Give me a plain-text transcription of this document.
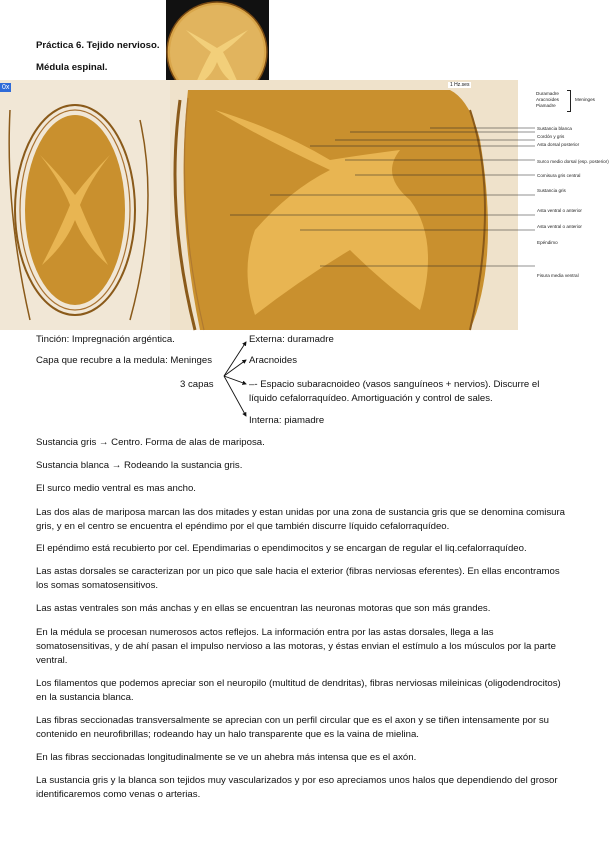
Práctica 6. Tejido nervioso.
Médula espinal.
0x	1 Hz.ses
Duramadre
Aracnoides
Piamadre
Meninges
Sustancia blanca
Cordón y gris
Asta dorsal posterior
Surco medio dorsal (esp. posterior)
Comisura gris central
Sustancia gris
Asta ventral o anterior
Asta ventral o anterior
Epéndimo
Fisura media ventral
Tinción: Impregnación argéntica.	Externa: duramadre
Capa que recubre a la medula: Meninges	Aracnoides
3 capas	–- Espacio subaracnoideo (vasos sanguíneos + nervios). Discurre el
líquido cefalorraquídeo. Amortiguación y control de sales.
Interna: piamadre
Sustancia gris → Centro. Forma de alas de mariposa.
Sustancia blanca → Rodeando la sustancia gris.
El surco medio ventral es mas ancho.
Las dos alas de mariposa marcan las dos mitades y estan unidas por una zona de sustancia gris que se denomina comisura gris, y en el centro se encuentra el epéndimo por el que también discurre líquido cefalorraquídeo.
El epéndimo está recubierto por cel. Ependimarias o ependimocitos y se encargan de regular el liq.cefalorraquídeo.
Las astas dorsales se caracterizan por un pico que sale hacia el exterior (fibras nerviosas eferentes). En ellas encontramos los somas somatosensitivos.
Las astas ventrales son más anchas y en ellas se encuentran las neuronas motoras que son más grandes.
En la médula se procesan numerosos actos reflejos. La información entra por las astas dorsales, llega a las somatosensitivas, y de ahí pasan el impulso nervioso a las motoras, y éstas envian el estímulo a los músculos por la parte ventral.
Los filamentos que podemos apreciar son el neuropilo (multitud de dendritas), fibras nerviosas mileinicas (oligodendrocitos) en la sustancia blanca.
Las fibras seccionadas transversalmente se aprecian con un perfil circular que es el axon y se tiñen intensamente por su contenido en neurofibrillas; rodeando hay un halo transparente que es la vaina de mielina.
En las fibras seccionadas longitudinalmente se ve un ahebra más intensa que es el axón.
La sustancia gris y la blanca son tejidos muy vascularizados y por eso apreciamos unos halos que dependiendo del grosor identificaremos como venas o arterias.
